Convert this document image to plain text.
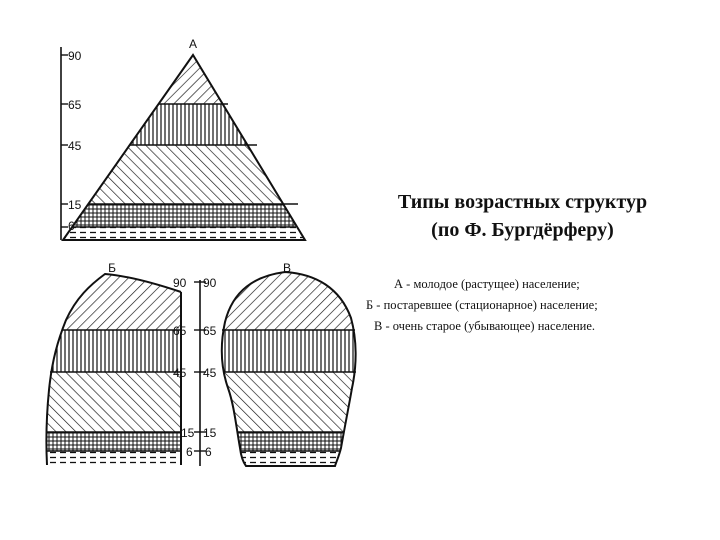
А
90
65
45
15
6
Б
90 90
65 65
45 45
15 15
6 6
В
Типы возрастных структур
(по Ф. Бургдёрферу)
А - молодое (растущее) население;
Б - постаревшее (стационарное) население;
В - очень старое (убывающее) население.
